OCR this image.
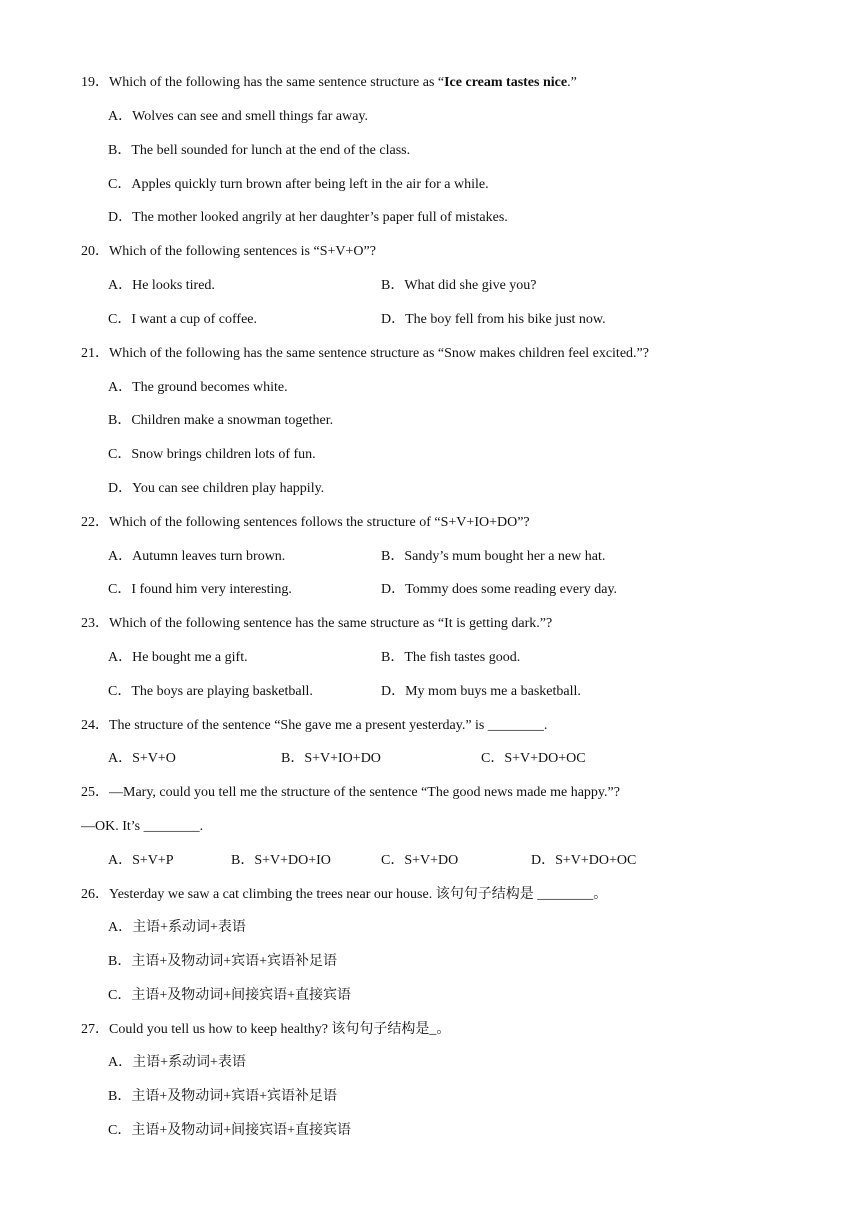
19．Which of the following has the same sentence structure as “Ice cream tastes nice.”
A．Wolves can see and smell things far away.
B．The bell sounded for lunch at the end of the class.
C．Apples quickly turn brown after being left in the air for a while.
D．The mother looked angrily at her daughter’s paper full of mistakes.
20．Which of the following sentences is “S+V+O”?
A．He looks tired.	B．What did she give you?
C．I want a cup of coffee.	D．The boy fell from his bike just now.
21．Which of the following has the same sentence structure as “Snow makes children feel excited.”?
A．The ground becomes white.
B．Children make a snowman together.
C．Snow brings children lots of fun.
D．You can see children play happily.
22．Which of the following sentences follows the structure of “S+V+IO+DO”?
A．Autumn leaves turn brown.	B．Sandy’s mum bought her a new hat.
C．I found him very interesting.	D．Tommy does some reading every day.
23．Which of the following sentence has the same structure as “It is getting dark.”?
A．He bought me a gift.	B．The fish tastes good.
C．The boys are playing basketball.	D．My mom buys me a basketball.
24．The structure of the sentence “She gave me a present yesterday.” is ________.
A．S+V+O	B．S+V+IO+DO	C．S+V+DO+OC
25．—Mary, could you tell me the structure of the sentence “The good news made me happy.”?
—OK. It’s ________.
A．S+V+P	B．S+V+DO+IO	C．S+V+DO	D．S+V+DO+OC
26．Yesterday we saw a cat climbing the trees near our house. 该句句子结构是 ________。
A．主语+系动词+表语
B．主语+及物动词+宾语+宾语补足语
C．主语+及物动词+间接宾语+直接宾语
27．Could you tell us how to keep healthy? 该句句子结构是_。
A．主语+系动词+表语
B．主语+及物动词+宾语+宾语补足语
C．主语+及物动词+间接宾语+直接宾语
